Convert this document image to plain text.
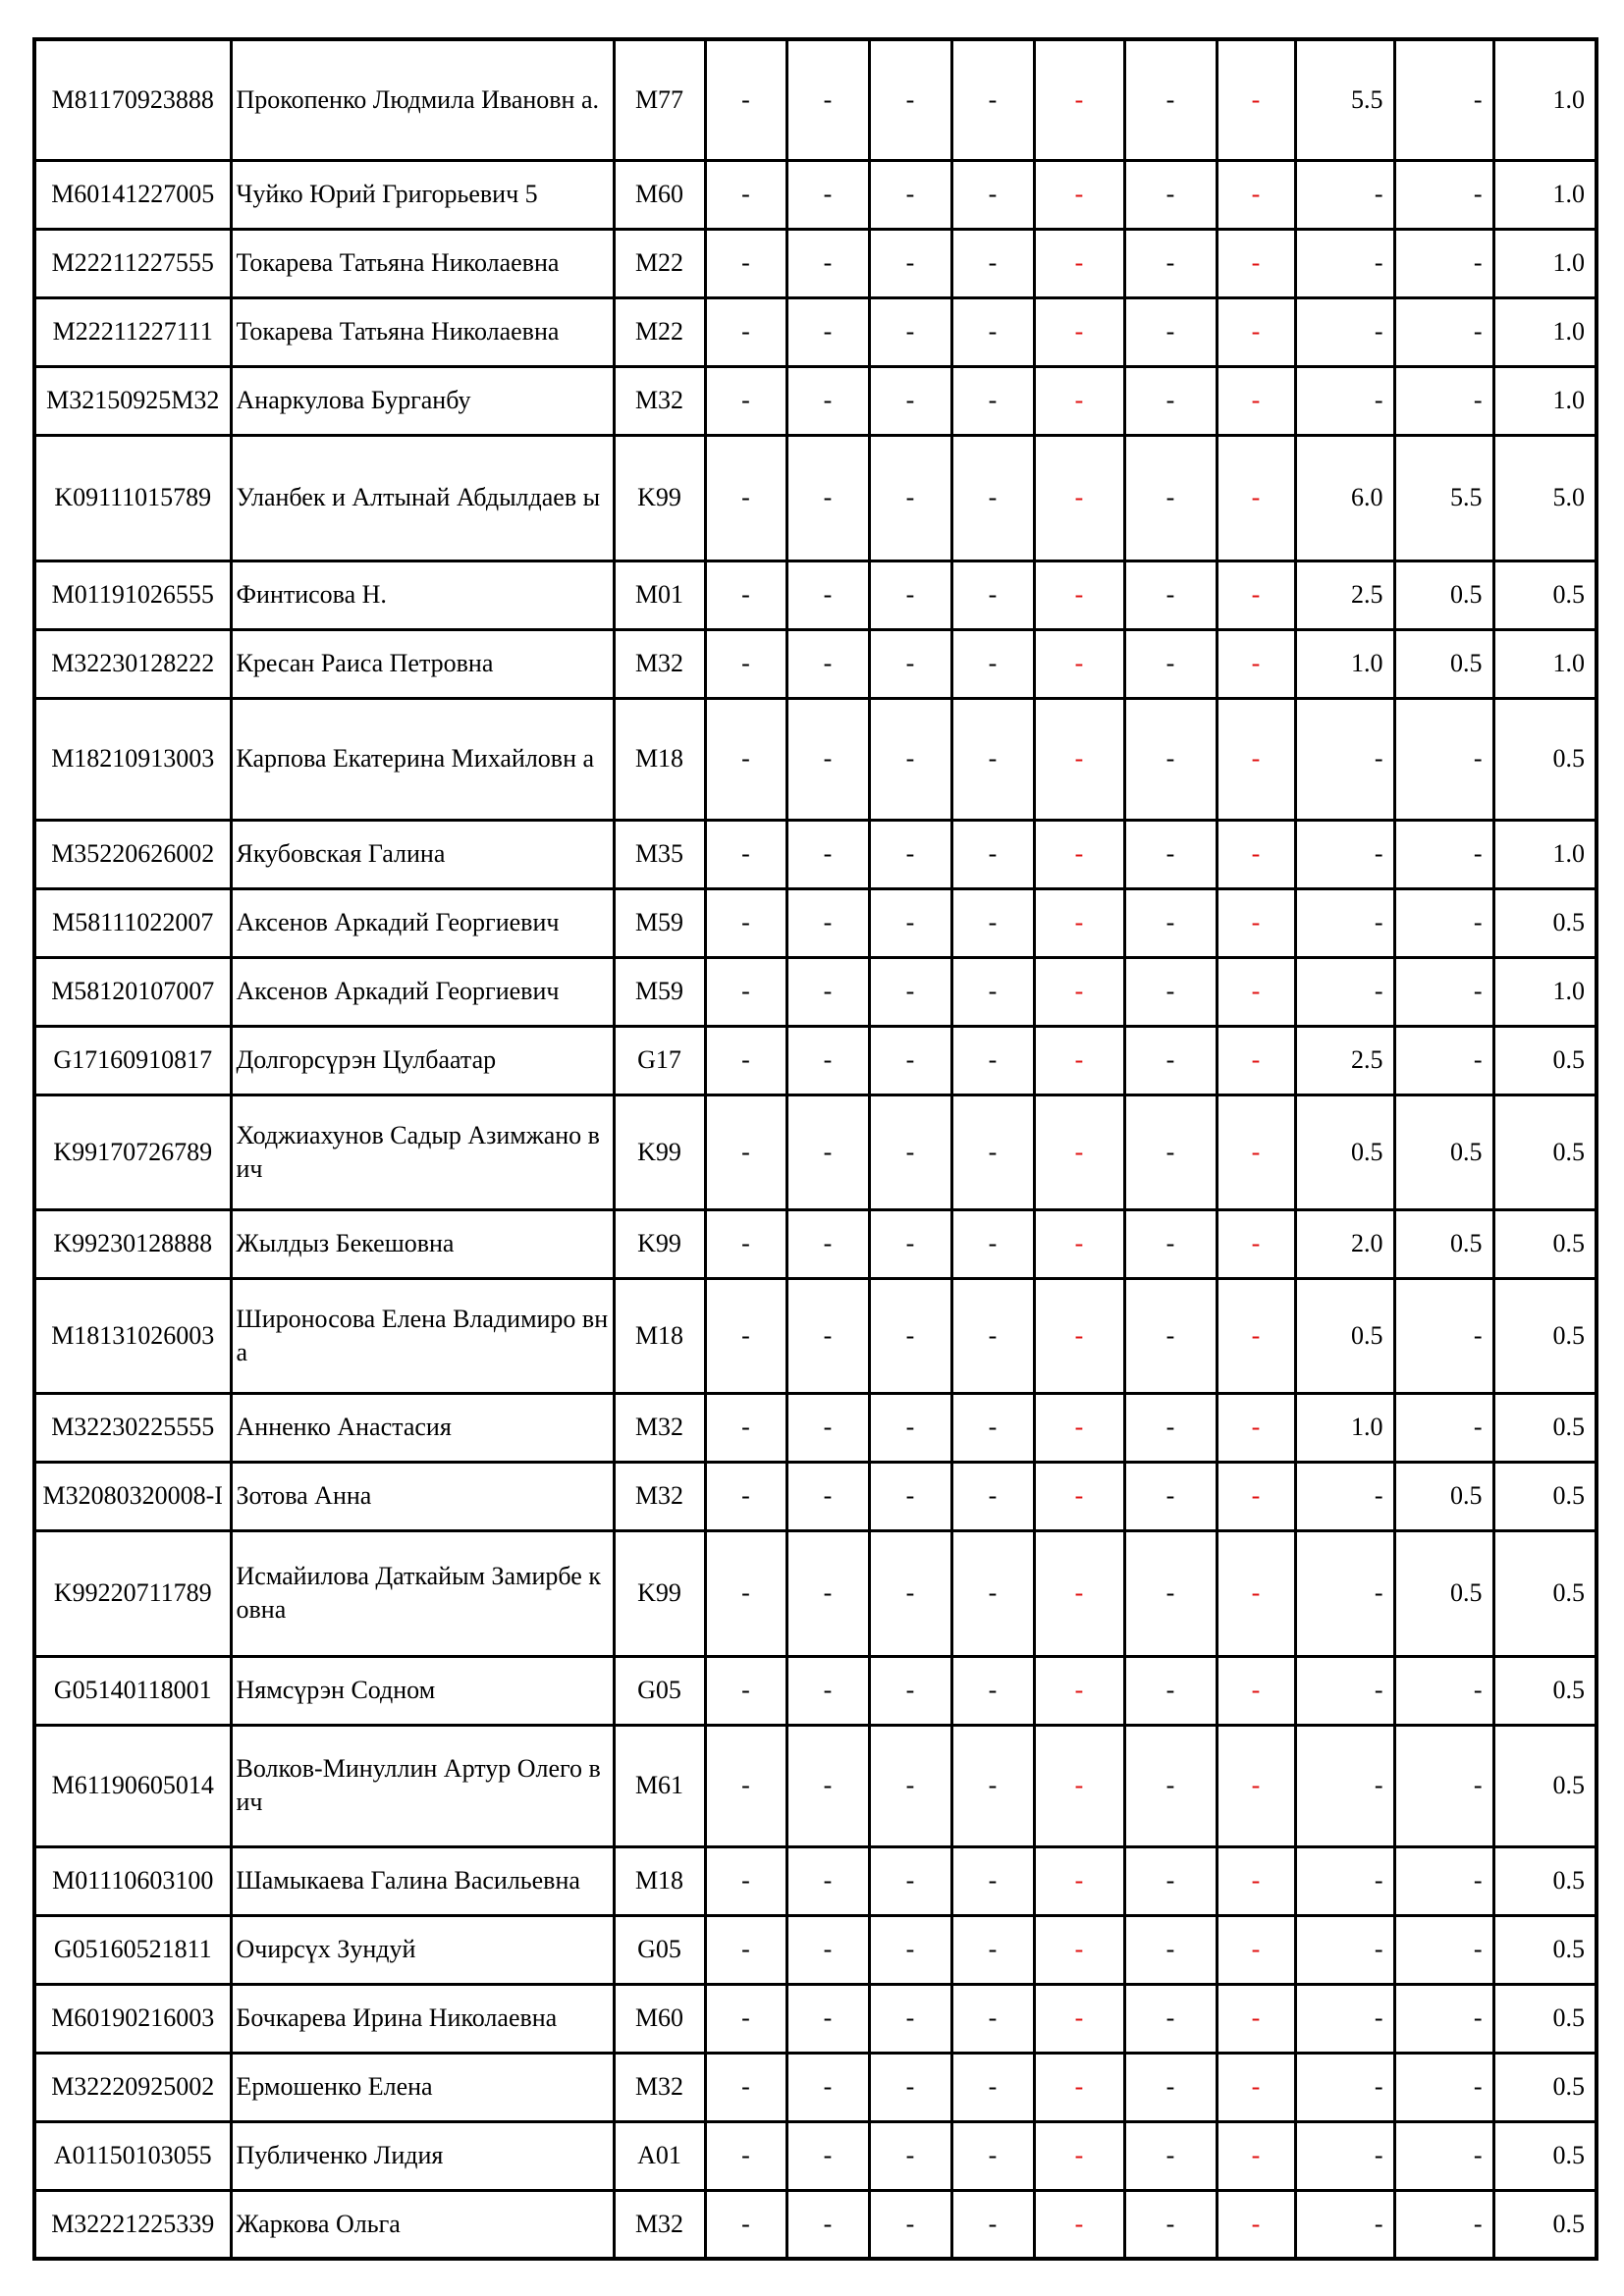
M81170923888	Прокопенко Людмила Ивановн а.	M77	-	-	-	-	-	-	-	5.5	-	1.0
M60141227005	Чуйко Юрий Григорьевич 5	M60	-	-	-	-	-	-	-	-	-	1.0
M22211227555	Токарева Татьяна Николаевна	M22	-	-	-	-	-	-	-	-	-	1.0
M22211227111	Токарева Татьяна Николаевна	M22	-	-	-	-	-	-	-	-	-	1.0
M32150925M32	Анаркулова Бурганбу	M32	-	-	-	-	-	-	-	-	-	1.0
K09111015789	Уланбек и Алтынай Абдылдаев ы	K99	-	-	-	-	-	-	-	6.0	5.5	5.0
M01191026555	Финтисова Н.	M01	-	-	-	-	-	-	-	2.5	0.5	0.5
M32230128222	Кресан Раиса Петровна	M32	-	-	-	-	-	-	-	1.0	0.5	1.0
M18210913003	Карпова Екатерина Михайловн а	M18	-	-	-	-	-	-	-	-	-	0.5
M35220626002	Якубовская Галина	M35	-	-	-	-	-	-	-	-	-	1.0
M58111022007	Аксенов Аркадий Георгиевич	M59	-	-	-	-	-	-	-	-	-	0.5
M58120107007	Аксенов Аркадий Георгиевич	M59	-	-	-	-	-	-	-	-	-	1.0
G17160910817	Долгорсүрэн Цулбаатар	G17	-	-	-	-	-	-	-	2.5	-	0.5
K99170726789	Ходжиахунов Садыр Азимжано вич	K99	-	-	-	-	-	-	-	0.5	0.5	0.5
K99230128888	Жылдыз Бекешовна	K99	-	-	-	-	-	-	-	2.0	0.5	0.5
M18131026003	Широносова Елена Владимиро вна	M18	-	-	-	-	-	-	-	0.5	-	0.5
M32230225555	Анненко Анастасия	M32	-	-	-	-	-	-	-	1.0	-	0.5
M32080320008-I	Зотова Анна	M32	-	-	-	-	-	-	-	-	0.5	0.5
K99220711789	Исмайилова Даткайым Замирбе ковна	K99	-	-	-	-	-	-	-	-	0.5	0.5
G05140118001	Нямсүрэн Содном	G05	-	-	-	-	-	-	-	-	-	0.5
M61190605014	Волков-Минуллин Артур Олего вич	M61	-	-	-	-	-	-	-	-	-	0.5
M01110603100	Шамыкаева Галина Васильевна	M18	-	-	-	-	-	-	-	-	-	0.5
G05160521811	Очирсүх Зундуй	G05	-	-	-	-	-	-	-	-	-	0.5
M60190216003	Бочкарева Ирина Николаевна	M60	-	-	-	-	-	-	-	-	-	0.5
M32220925002	Ермошенко Елена	M32	-	-	-	-	-	-	-	-	-	0.5
A01150103055	Публиченко Лидия	A01	-	-	-	-	-	-	-	-	-	0.5
M32221225339	Жаркова Ольга	M32	-	-	-	-	-	-	-	-	-	0.5
